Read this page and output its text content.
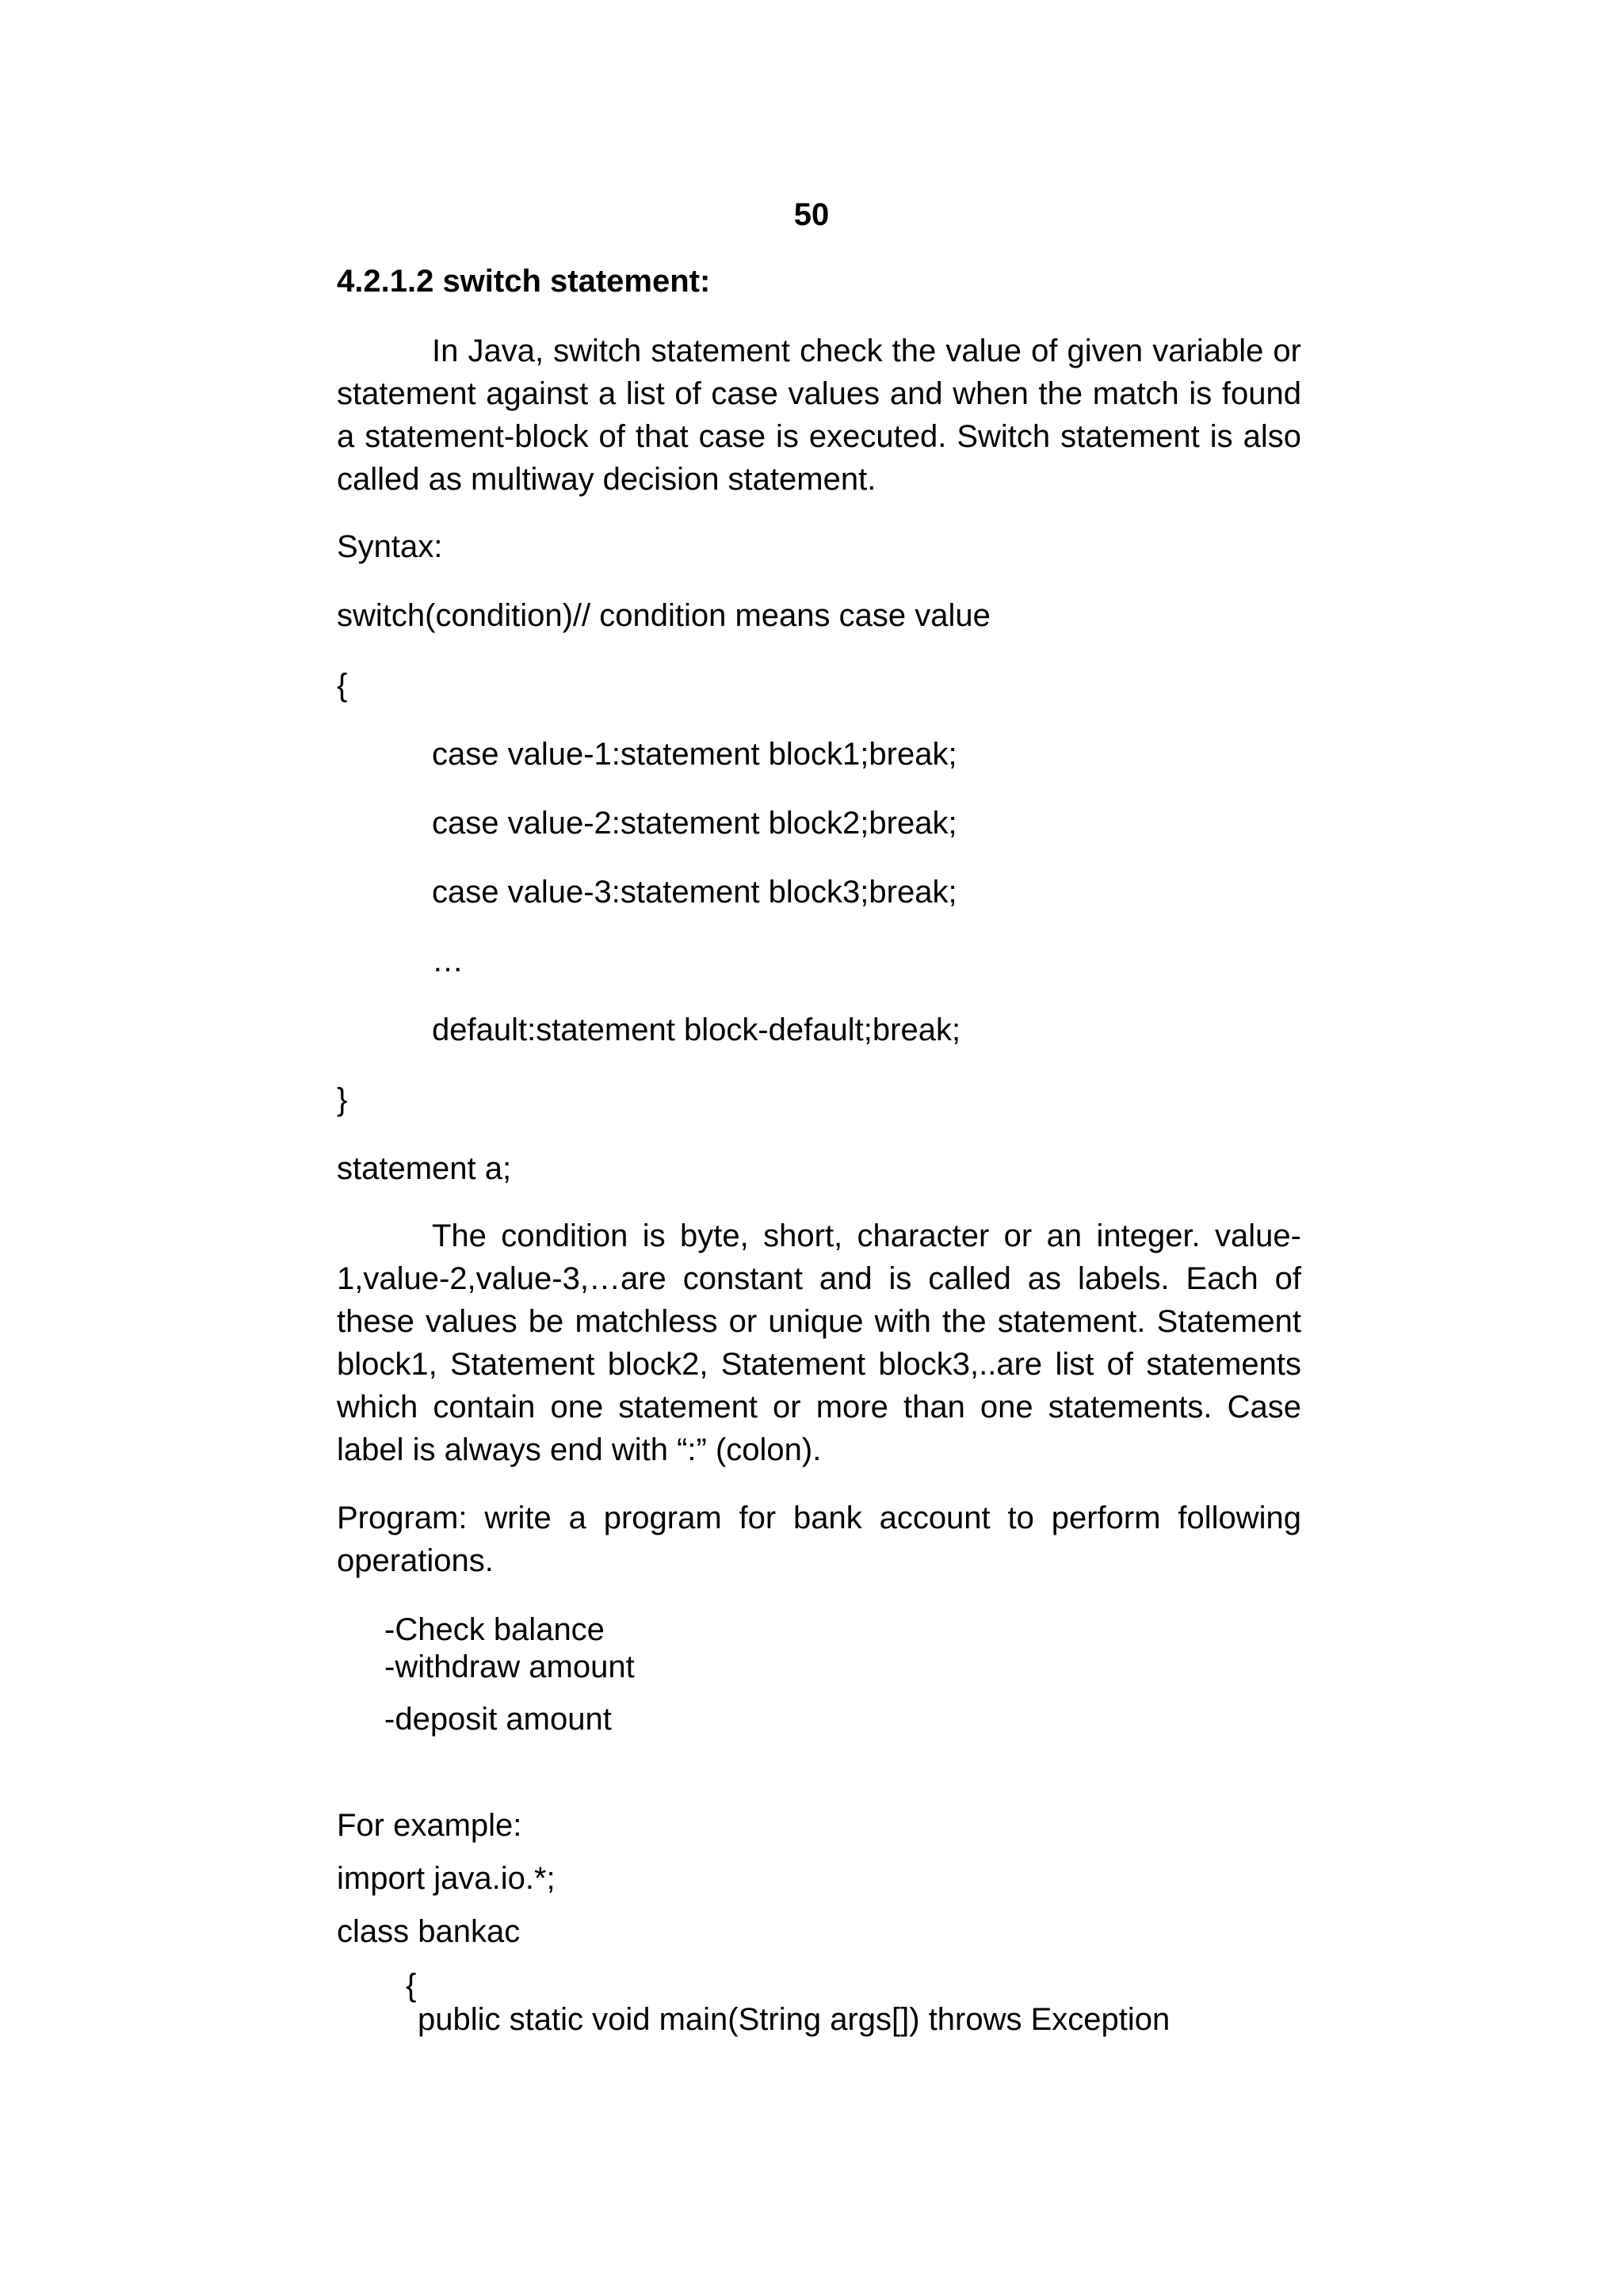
50
4.2.1.2 switch statement:
In Java, switch statement check the value of given variable or statement against a list of case values and when the match is found a statement-block of that case is executed. Switch statement is also called as multiway decision statement.
Syntax:
switch(condition)// condition means case value
{
case value-1:statement block1;break;
case value-2:statement block2;break;
case value-3:statement block3;break;
…
default:statement block-default;break;
}
statement a;
The condition is byte, short, character or an integer. value-1,value-2,value-3,…are constant and is called as labels. Each of these values be matchless or unique with the statement. Statement block1, Statement block2, Statement block3,..are list of statements which contain one statement or more than one statements. Case label is always end with “:” (colon).
Program: write a program for bank account to perform following operations.
-Check balance
-withdraw amount
-deposit amount
For example:
import java.io.*;
class bankac
{
public static void main(String args[]) throws Exception
